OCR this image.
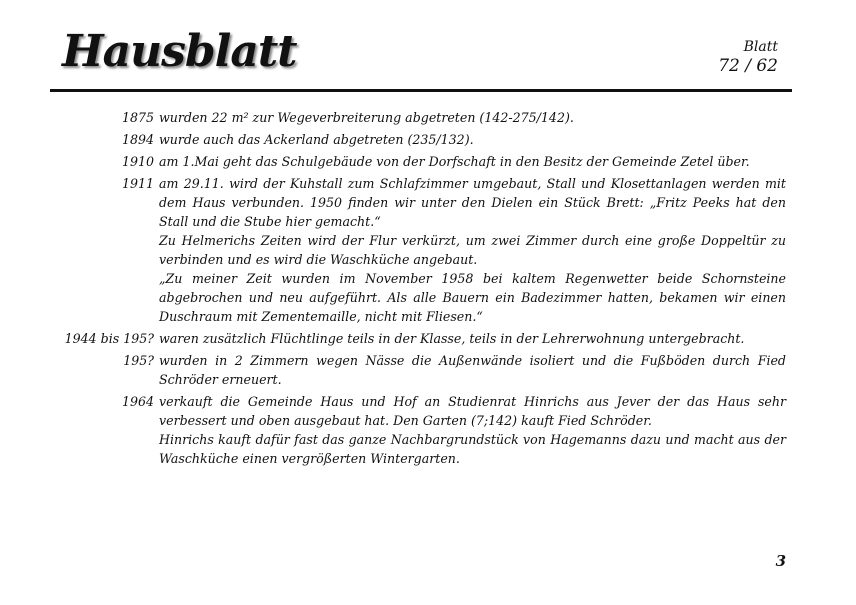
Hausblatt	Blatt
72 / 62
1875 wurden 22 m² zur Wegeverbreiterung abgetreten (142-275/142).

1894 wurde auch das Ackerland abgetreten (235/132).

1910 am 1.Mai geht das Schulgebäude von der Dorfschaft in den Besitz der Gemeinde Zetel über.

1911 am 29.11. wird der Kuhstall zum Schlafzimmer umgebaut, Stall und Klosettanlagen werden mit dem Haus verbunden. 1950 finden wir unter den Dielen ein Stück Brett: „Fritz Peeks hat den Stall und die Stube hier gemacht.“

Zu Helmerichs Zeiten wird der Flur verkürzt, um zwei Zimmer durch eine große Doppeltür zu verbinden und es wird die Waschküche angebaut.

„Zu meiner Zeit wurden im November 1958 bei kaltem Regenwetter beide Schornsteine abgebrochen und neu aufgeführt. Als alle Bauern ein Badezimmer hatten, bekamen wir einen Duschraum mit Zementemaille, nicht mit Fliesen.“

1944 bis 195? waren zusätzlich Flüchtlinge teils in der Klasse, teils in der Lehrerwohnung untergebracht.

195? wurden in 2 Zimmern wegen Nässe die Außenwände isoliert und die Fußböden durch Fied Schröder erneuert.

1964 verkauft die Gemeinde Haus und Hof an Studienrat Hinrichs aus Jever der das Haus sehr verbessert und oben ausgebaut hat. Den Garten (7;142) kauft Fied Schröder.

Hinrichs kauft dafür fast das ganze Nachbargrundstück von Hagemanns dazu und macht aus der Waschküche einen vergrößerten Wintergarten.

3
